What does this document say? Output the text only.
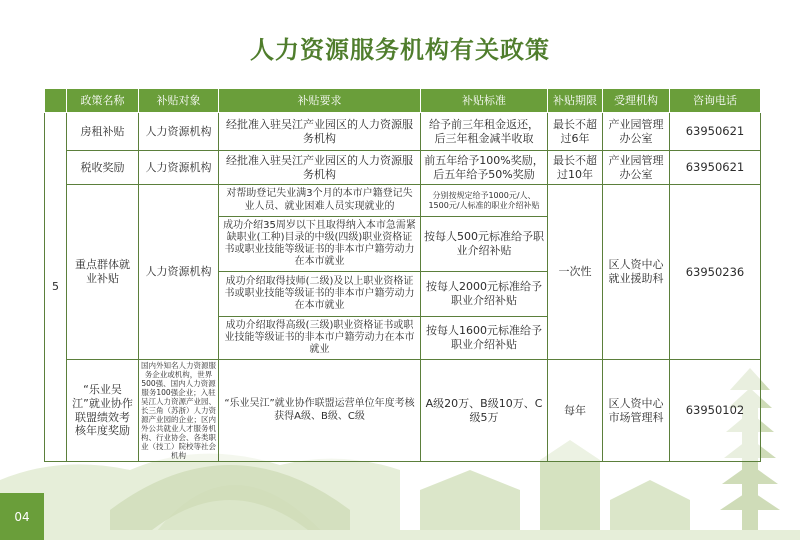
人力资源服务机构有关政策
	政策名称	补贴对象	补贴要求	补贴标准	补贴期限	受理机构	咨询电话
5	房租补贴	人力资源机构	经批准入驻吴江产业园区的人力资源服务机构	给予前三年租金返还，后三年租金减半收取	最长不超过6年	产业园管理办公室	63950621
	税收奖励	人力资源机构	经批准入驻吴江产业园区的人力资源服务机构	前五年给予100%奖励，后五年给予50%奖励	最长不超过10年	产业园管理办公室	63950621
	重点群体就业补贴	人力资源机构	对帮助登记失业满3个月的本市户籍登记失业人员、就业困难人员实现就业的	分别按规定给予1000元/人、1500元/人标准的职业介绍补贴	一次性	区人资中心就业援助科	63950236
			成功介绍35周岁以下且取得纳入本市急需紧缺职业(工种)目录的中级(四级)职业资格证书或职业技能等级证书的非本市户籍劳动力在本市就业	按每人500元标准给予职业介绍补贴			
			成功介绍取得技师(二级)及以上职业资格证书或职业技能等级证书的非本市户籍劳动力在本市就业	按每人2000元标准给予职业介绍补贴			
			成功介绍取得高级(三级)职业资格证书或职业技能等级证书的非本市户籍劳动力在本市就业	按每人1600元标准给予职业介绍补贴			
	“乐业吴江”就业协作联盟绩效考核年度奖励	国内外知名人力资源服务企业或机构，世界500强、国内人力资源服务100强企业；入驻吴江人力资源产业园、长三角（苏浙）人力资源产业园的企业；区内外公共就业人才服务机构、行业协会、各类职业（技工）院校等社会机构	“乐业吴江”就业协作联盟运营单位年度考核获得A级、B级、C级	A级20万、B级10万、C级5万	每年	区人资中心市场管理科	63950102
04
